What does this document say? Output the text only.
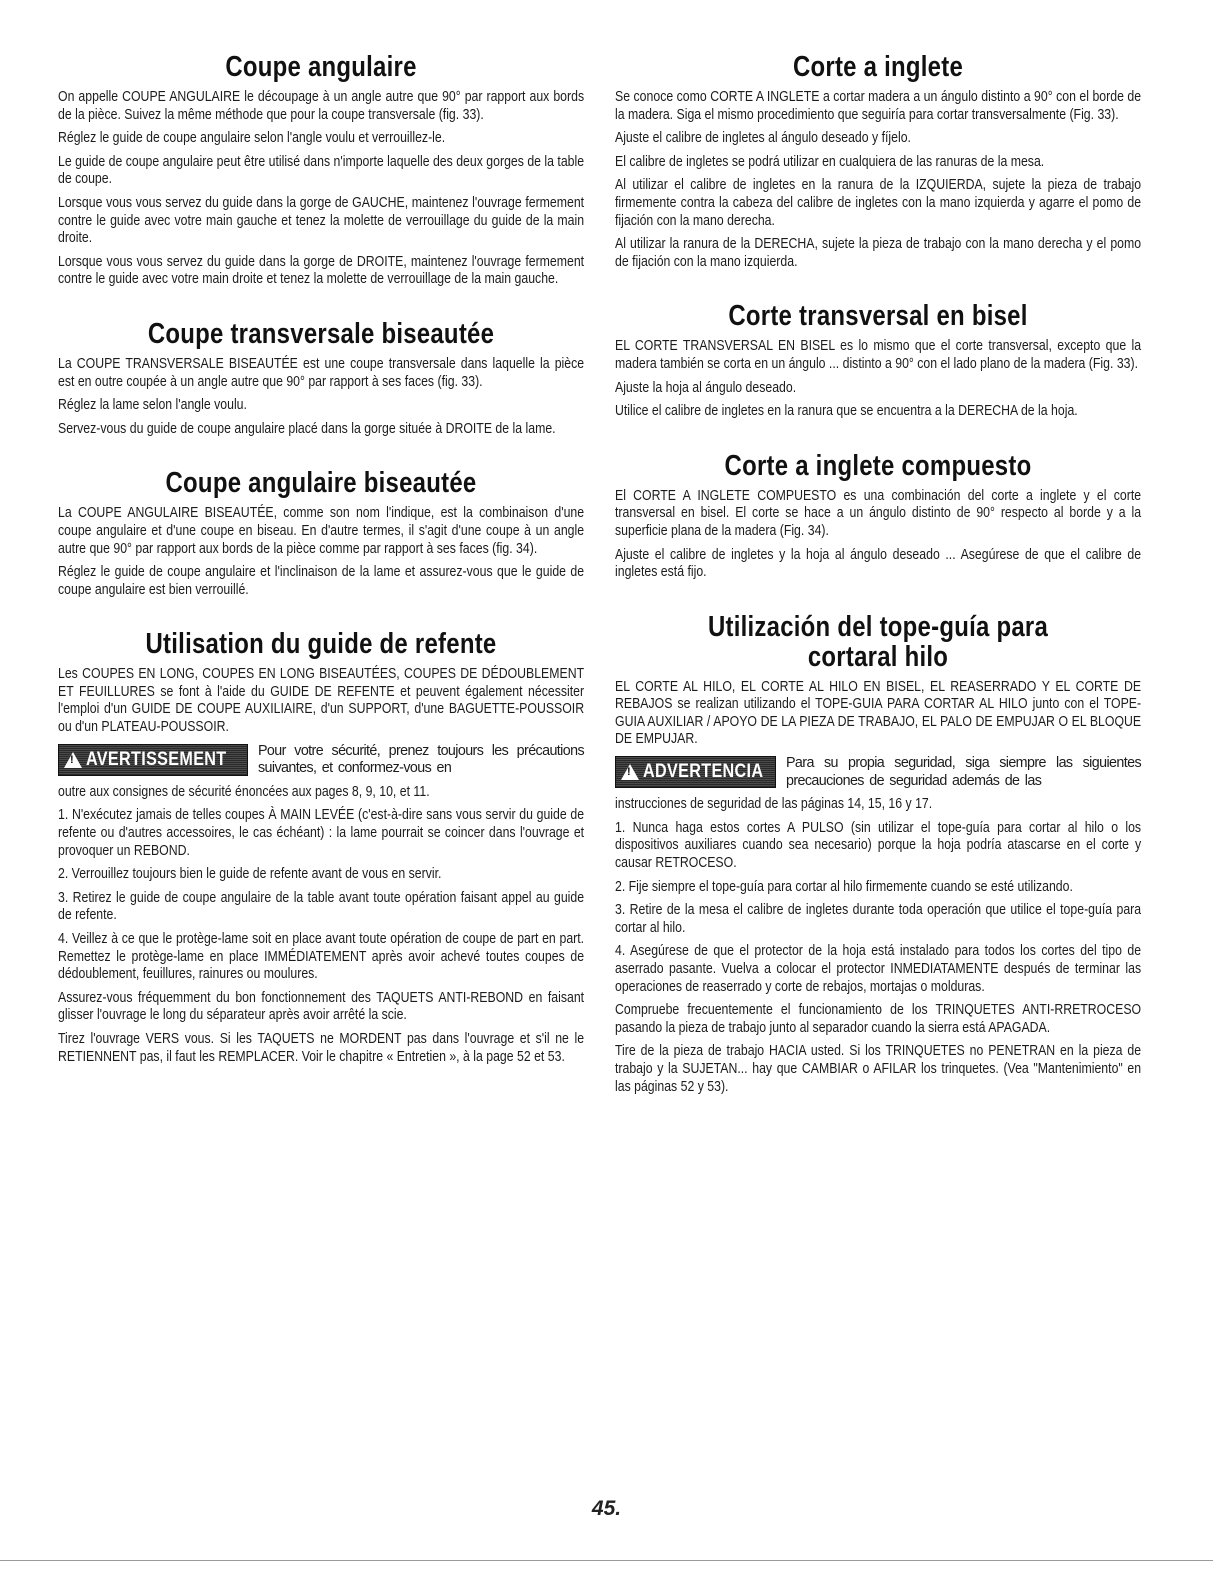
Coupe angulaire

On appelle COUPE ANGULAIRE le découpage à un angle autre que 90° par rapport aux bords de la pièce. Suivez la même méthode que pour la coupe transversale (fig. 33).

Réglez le guide de coupe angulaire selon l'angle voulu et verrouillez-le.

Le guide de coupe angulaire peut être utilisé dans n'importe laquelle des deux gorges de la table de coupe.

Lorsque vous vous servez du guide dans la gorge de GAUCHE, maintenez l'ouvrage fermement contre le guide avec votre main gauche et tenez la molette de verrouillage du guide de la main droite.

Lorsque vous vous servez du guide dans la gorge de DROITE, maintenez l'ouvrage fermement contre le guide avec votre main droite et tenez la molette de verrouillage de la main gauche.

Coupe transversale biseautée

La COUPE TRANSVERSALE BISEAUTÉE est une coupe transversale dans laquelle la pièce est en outre coupée à un angle autre que 90° par rapport à ses faces (fig. 33).

Réglez la lame selon l'angle voulu.

Servez-vous du guide de coupe angulaire placé dans la gorge située à DROITE de la lame.

Coupe angulaire biseautée

La COUPE ANGULAIRE BISEAUTÉE, comme son nom l'indique, est la combinaison d'une coupe angulaire et d'une coupe en biseau. En d'autre termes, il s'agit d'une coupe à un angle autre que 90° par rapport aux bords de la pièce comme par rapport à ses faces (fig. 34).

Réglez le guide de coupe angulaire et l'inclinaison de la lame et assurez-vous que le guide de coupe angulaire est bien verrouillé.

Utilisation du guide de refente

Les COUPES EN LONG, COUPES EN LONG BISEAUTÉES, COUPES DE DÉDOUBLEMENT ET FEUILLURES se font à l'aide du GUIDE DE REFENTE et peuvent également nécessiter l'emploi d'un GUIDE DE COUPE AUXILIAIRE, d'un SUPPORT, d'une BAGUETTE-POUSSOIR ou d'un PLATEAU-POUSSOIR.

!
AVERTISSEMENT Pour votre sécurité, prenez toujours les précautions suivantes, et conformez-vous en

outre aux consignes de sécurité énoncées aux pages 8, 9, 10, et 11.

1. N'exécutez jamais de telles coupes À MAIN LEVÉE (c'est-à-dire sans vous servir du guide de refente ou d'autres accessoires, le cas échéant) : la lame pourrait se coincer dans l'ouvrage et provoquer un REBOND.

2. Verrouillez toujours bien le guide de refente avant de vous en servir.

3. Retirez le guide de coupe angulaire de la table avant toute opération faisant appel au guide de refente.

4. Veillez à ce que le protège-lame soit en place avant toute opération de coupe de part en part. Remettez le protège-lame en place IMMÉDIATEMENT après avoir achevé toutes coupes de dédoublement, feuillures, rainures ou moulures.

Assurez-vous fréquemment du bon fonctionnement des TAQUETS ANTI-REBOND en faisant glisser l'ouvrage le long du séparateur après avoir arrêté la scie.

Tirez l'ouvrage VERS vous. Si les TAQUETS ne MORDENT pas dans l'ouvrage et s'il ne le RETIENNENT pas, il faut les REMPLACER. Voir le chapitre « Entretien », à la page 52 et 53.

Corte a inglete

Se conoce como CORTE A INGLETE a cortar madera a un ángulo distinto a 90° con el borde de la madera. Siga el mismo procedimiento que seguiría para cortar transversalmente (Fig. 33).

Ajuste el calibre de ingletes al ángulo deseado y fíjelo.

El calibre de ingletes se podrá utilizar en cualquiera de las ranuras de la mesa.

Al utilizar el calibre de ingletes en la ranura de la IZQUIERDA, sujete la pieza de trabajo firmemente contra la cabeza del calibre de ingletes con la mano izquierda y agarre el pomo de fijación con la mano derecha.

Al utilizar la ranura de la DERECHA, sujete la pieza de trabajo con la mano derecha y el pomo de fijación con la mano izquierda.

Corte transversal en bisel

EL CORTE TRANSVERSAL EN BISEL es lo mismo que el corte transversal, excepto que la madera también se corta en un ángulo ... distinto a 90° con el lado plano de la madera (Fig. 33).

Ajuste la hoja al ángulo deseado.

Utilice el calibre de ingletes en la ranura que se encuentra a la DERECHA de la hoja.

Corte a inglete compuesto

El CORTE A INGLETE COMPUESTO es una combinación del corte a inglete y el corte transversal en bisel. El corte se hace a un ángulo distinto de 90° respecto al borde y a la superficie plana de la madera (Fig. 34).

Ajuste el calibre de ingletes y la hoja al ángulo deseado ... Asegúrese de que el calibre de ingletes está fijo.

Utilización del tope-guía para
cortaral hilo

EL CORTE AL HILO, EL CORTE AL HILO EN BISEL, EL REASERRADO Y EL CORTE DE REBAJOS se realizan utilizando el TOPE-GUIA PARA CORTAR AL HILO junto con el TOPE-GUIA AUXILIAR / APOYO DE LA PIEZA DE TRABAJO, EL PALO DE EMPUJAR O EL BLOQUE DE EMPUJAR.

!
ADVERTENCIA Para su propia seguridad, siga siempre las siguientes precauciones de seguridad además de las

instrucciones de seguridad de las páginas 14, 15, 16 y 17.

1. Nunca haga estos cortes A PULSO (sin utilizar el tope-guía para cortar al hilo o los dispositivos auxiliares cuando sea necesario) porque la hoja podría atascarse en el corte y causar RETROCESO.

2. Fije siempre el tope-guía para cortar al hilo firmemente cuando se esté utilizando.

3. Retire de la mesa el calibre de ingletes durante toda operación que utilice el tope-guía para cortar al hilo.

4. Asegúrese de que el protector de la hoja está instalado para todos los cortes del tipo de aserrado pasante. Vuelva a colocar el protector INMEDIATAMENTE después de terminar las operaciones de reaserrado y corte de rebajos, mortajas o molduras.

Compruebe frecuentemente el funcionamiento de los TRINQUETES ANTI-RRETROCESO pasando la pieza de trabajo junto al separador cuando la sierra está APAGADA.

Tire de la pieza de trabajo HACIA usted. Si los TRINQUETES no PENETRAN en la pieza de trabajo y la SUJETAN... hay que CAMBIAR o AFILAR los trinquetes. (Vea "Mantenimiento" en las páginas 52 y 53).

45.
